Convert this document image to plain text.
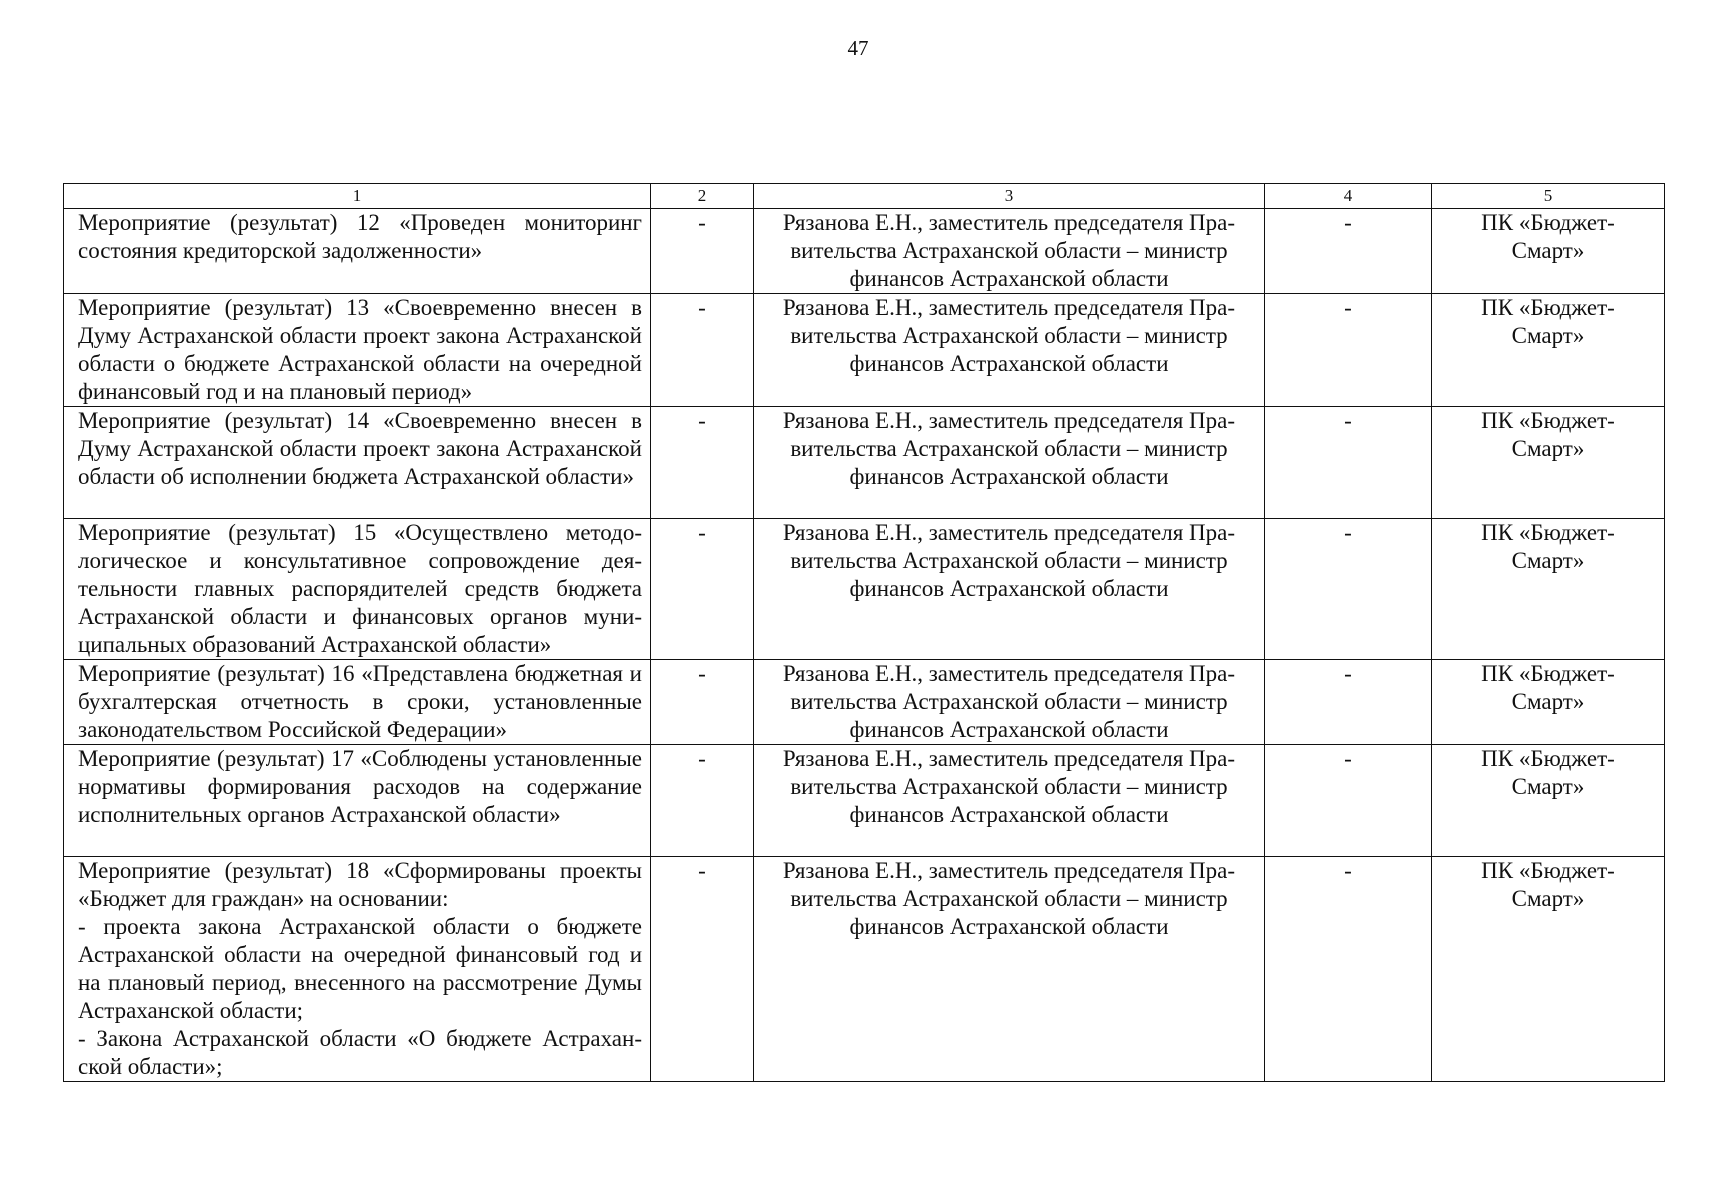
47
1	2	3	4	5
Мероприятие (результат) 12 «Проведен мониторинг состояния кредиторской задолженности»	-	Рязанова Е.Н., заместитель председателя Правительства Астраханской области – министр финансов Астраханской области	-	ПК «Бюджет-Смарт»
Мероприятие (результат) 13 «Своевременно внесен в Думу Астраханской области проект закона Астраханской области о бюджете Астраханской области на очередной финансовый год и на плановый период»	-	Рязанова Е.Н., заместитель председателя Правительства Астраханской области – министр финансов Астраханской области	-	ПК «Бюджет-Смарт»
Мероприятие (результат) 14 «Своевременно внесен в Думу Астраханской области проект закона Астраханской области об исполнении бюджета Астраханской области»	-	Рязанова Е.Н., заместитель председателя Правительства Астраханской области – министр финансов Астраханской области	-	ПК «Бюджет-Смарт»
Мероприятие (результат) 15 «Осуществлено методологическое и консультативное сопровождение деятельности главных распорядителей средств бюджета Астраханской области и финансовых органов муниципальных образований Астраханской области»	-	Рязанова Е.Н., заместитель председателя Правительства Астраханской области – министр финансов Астраханской области	-	ПК «Бюджет-Смарт»
Мероприятие (результат) 16 «Представлена бюджетная и бухгалтерская отчетность в сроки, установленные законодательством Российской Федерации»	-	Рязанова Е.Н., заместитель председателя Правительства Астраханской области – министр финансов Астраханской области	-	ПК «Бюджет-Смарт»
Мероприятие (результат) 17 «Соблюдены установленные нормативы формирования расходов на содержание исполнительных органов Астраханской области»	-	Рязанова Е.Н., заместитель председателя Правительства Астраханской области – министр финансов Астраханской области	-	ПК «Бюджет-Смарт»

Мероприятие (результат) 18 «Сформированы проекты «Бюджет для граждан» на основании:
- проекта закона Астраханской области о бюджете Астраханской области на очередной финансовый год и на плановый период, внесенного на рассмотрение Думы Астраханской области;
- Закона Астраханской области «О бюджете Астраханской области»;	-	Рязанова Е.Н., заместитель председателя Правительства Астраханской области – министр финансов Астраханской области	-	ПК «Бюджет-Смарт»
